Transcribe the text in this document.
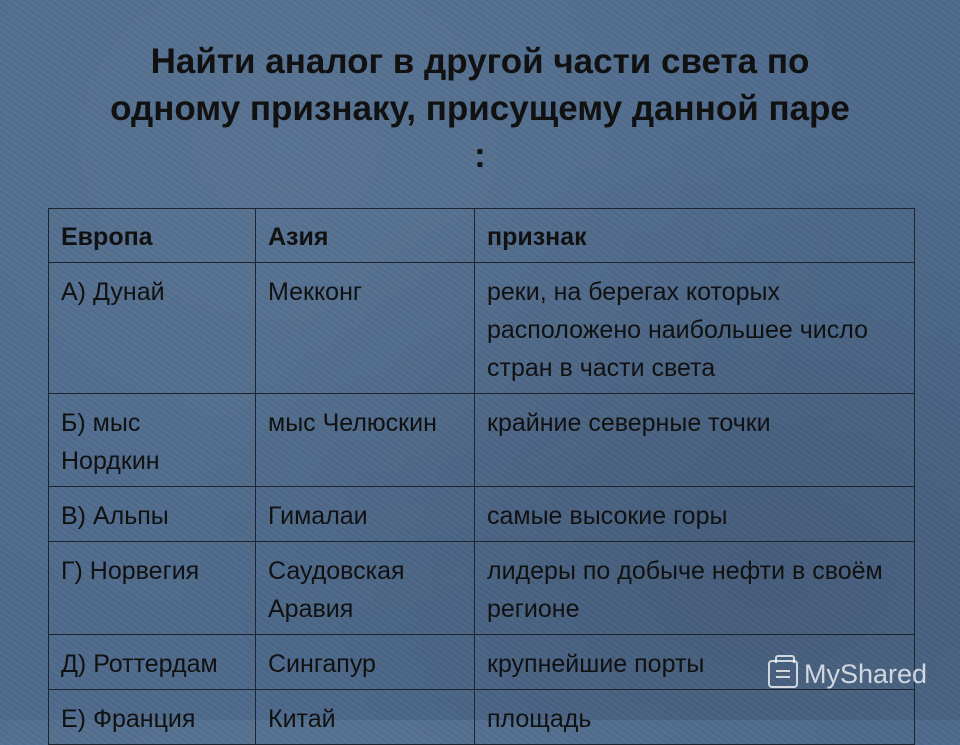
Найти аналог в другой части света по
одному признаку, присущему данной паре
:
Европа	Азия	признак
А) Дунай	Мекконг	реки, на берегах которых расположено наибольшее число стран в части света
Б) мыс Нордкин	мыс Челюскин	крайние северные точки
В) Альпы	Гималаи	самые высокие горы
Г) Норвегия	Саудовская Аравия	лидеры по добыче нефти в своём регионе
Д) Роттердам	Сингапур	крупнейшие порты
Е) Франция	Китай	площадь
MyShared
